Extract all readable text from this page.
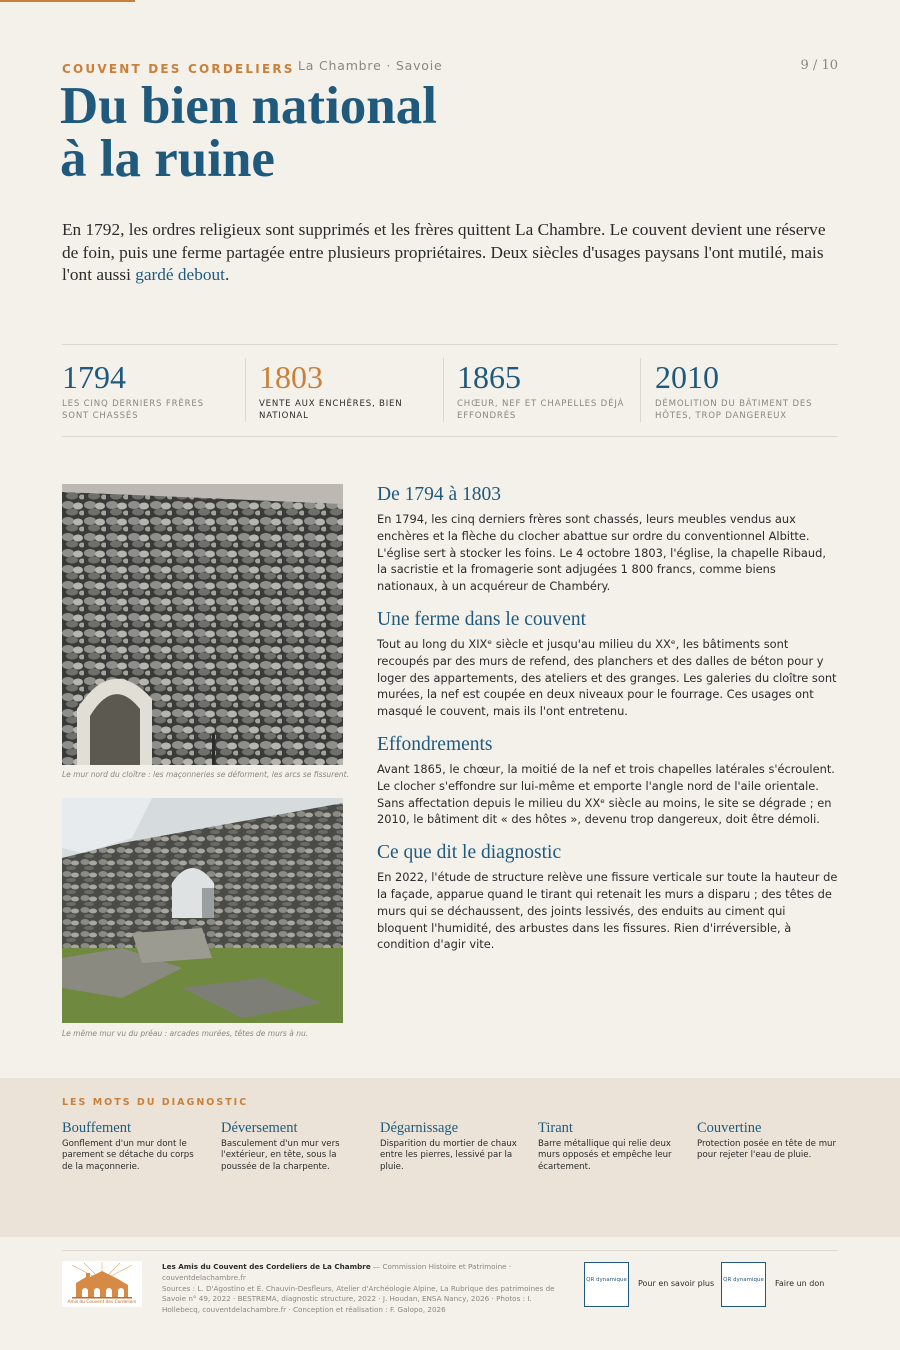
COUVENT DES CORDELIERS La Chambre · Savoie	9 / 10
Du bien national
à la ruine

En 1792, les ordres religieux sont supprimés et les frères quittent La Chambre. Le couvent devient une réserve de foin, puis une ferme partagée entre plusieurs propriétaires. Deux siècles d'usages paysans l'ont mutilé, mais l'ont aussi gardé debout.

1794
LES CINQ DERNIERS FRÈRES SONT CHASSÉS
1803
VENTE AUX ENCHÈRES, BIEN NATIONAL
1865
CHŒUR, NEF ET CHAPELLES DÉJÀ EFFONDRÉS
2010
DÉMOLITION DU BÂTIMENT DES HÔTES, TROP DANGEREUX
Le mur nord du cloître : les maçonneries se déforment, les arcs se fissurent.
Le même mur vu du préau : arcades murées, têtes de murs à nu.
De 1794 à 1803

En 1794, les cinq derniers frères sont chassés, leurs meubles vendus aux enchères et la flèche du clocher abattue sur ordre du conventionnel Albitte. L'église sert à stocker les foins. Le 4 octobre 1803, l'église, la chapelle Ribaud, la sacristie et la fromagerie sont adjugées 1 800 francs, comme biens nationaux, à un acquéreur de Chambéry.

Une ferme dans le couvent

Tout au long du XIXᵉ siècle et jusqu'au milieu du XXᵉ, les bâtiments sont recoupés par des murs de refend, des planchers et des dalles de béton pour y loger des appartements, des ateliers et des granges. Les galeries du cloître sont murées, la nef est coupée en deux niveaux pour le fourrage. Ces usages ont masqué le couvent, mais ils l'ont entretenu.

Effondrements

Avant 1865, le chœur, la moitié de la nef et trois chapelles latérales s'écroulent. Le clocher s'effondre sur lui-même et emporte l'angle nord de l'aile orientale. Sans affectation depuis le milieu du XXᵉ siècle au moins, le site se dégrade ; en 2010, le bâtiment dit « des hôtes », devenu trop dangereux, doit être démoli.

Ce que dit le diagnostic

En 2022, l'étude de structure relève une fissure verticale sur toute la hauteur de la façade, apparue quand le tirant qui retenait les murs a disparu ; des têtes de murs qui se déchaussent, des joints lessivés, des enduits au ciment qui bloquent l'humidité, des arbustes dans les fissures. Rien d'irréversible, à condition d'agir vite.

LES MOTS DU DIAGNOSTIC
Bouffement

Gonflement d'un mur dont le parement se détache du corps de la maçonnerie.

Déversement

Basculement d'un mur vers l'extérieur, en tête, sous la poussée de la charpente.

Dégarnissage

Disparition du mortier de chaux entre les pierres, lessivé par la pluie.

Tirant

Barre métallique qui relie deux murs opposés et empêche leur écartement.

Couvertine

Protection posée en tête de mur pour rejeter l'eau de pluie.

Amis du Couvent des Cordeliers
Les Amis du Couvent des Cordeliers de La Chambre — Commission Histoire et Patrimoine · couventdelachambre.fr
Sources : L. D'Agostino et É. Chauvin-Desfleurs, Atelier d'Archéologie Alpine, La Rubrique des patrimoines de Savoie n° 49, 2022 · BESTREMA, diagnostic structure, 2022 · J. Houdan, ENSA Nancy, 2026 · Photos : I. Hollebecq, couventdelachambre.fr · Conception et réalisation : F. Galopo, 2026
QR dynamique Pour en savoir plus	QR dynamique Faire un don
